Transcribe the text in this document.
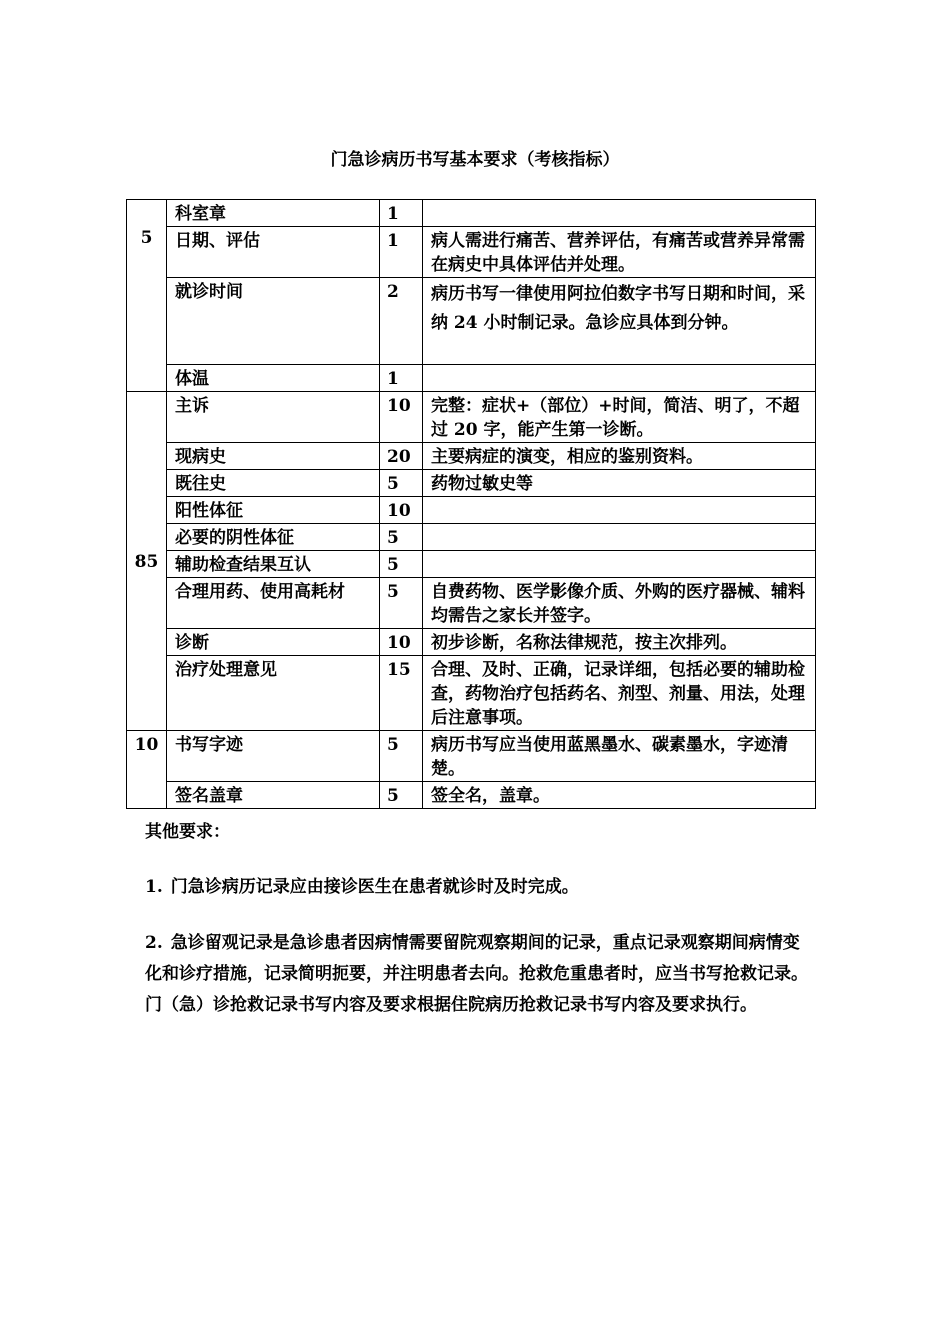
门急诊病历书写基本要求（考核指标）
5	科室章	1	
	日期、评估	1	病人需进行痛苦、营养评估，有痛苦或营养异常需在病史中具体评估并处理。
	就诊时间	2	病历书写一律使用阿拉伯数字书写日期和时间，采纳 24 小时制记录。急诊应具体到分钟。
	体温	1	
85	主诉	10	完整：症状+（部位）+时间，简洁、明了，不超过 20 字，能产生第一诊断。
	现病史	20	主要病症的演变，相应的鉴别资料。
	既往史	5	药物过敏史等
	阳性体征	10	
	必要的阴性体征	5	
	辅助检查结果互认	5	
	合理用药、使用高耗材	5	自费药物、医学影像介质、外购的医疗器械、辅料均需告之家长并签字。
	诊断	10	初步诊断，名称法律规范，按主次排列。
	治疗处理意见	15	合理、及时、正确，记录详细，包括必要的辅助检查，药物治疗包括药名、剂型、剂量、用法，处理后注意事项。
10	书写字迹	5	病历书写应当使用蓝黑墨水、碳素墨水，字迹清楚。
	签名盖章	5	签全名，盖章。

其他要求：

1. 门急诊病历记录应由接诊医生在患者就诊时及时完成。

2. 急诊留观记录是急诊患者因病情需要留院观察期间的记录，重点记录观察期间病情变化和诊疗措施，记录简明扼要，并注明患者去向。抢救危重患者时，应当书写抢救记录。门（急）诊抢救记录书写内容及要求根据住院病历抢救记录书写内容及要求执行。
